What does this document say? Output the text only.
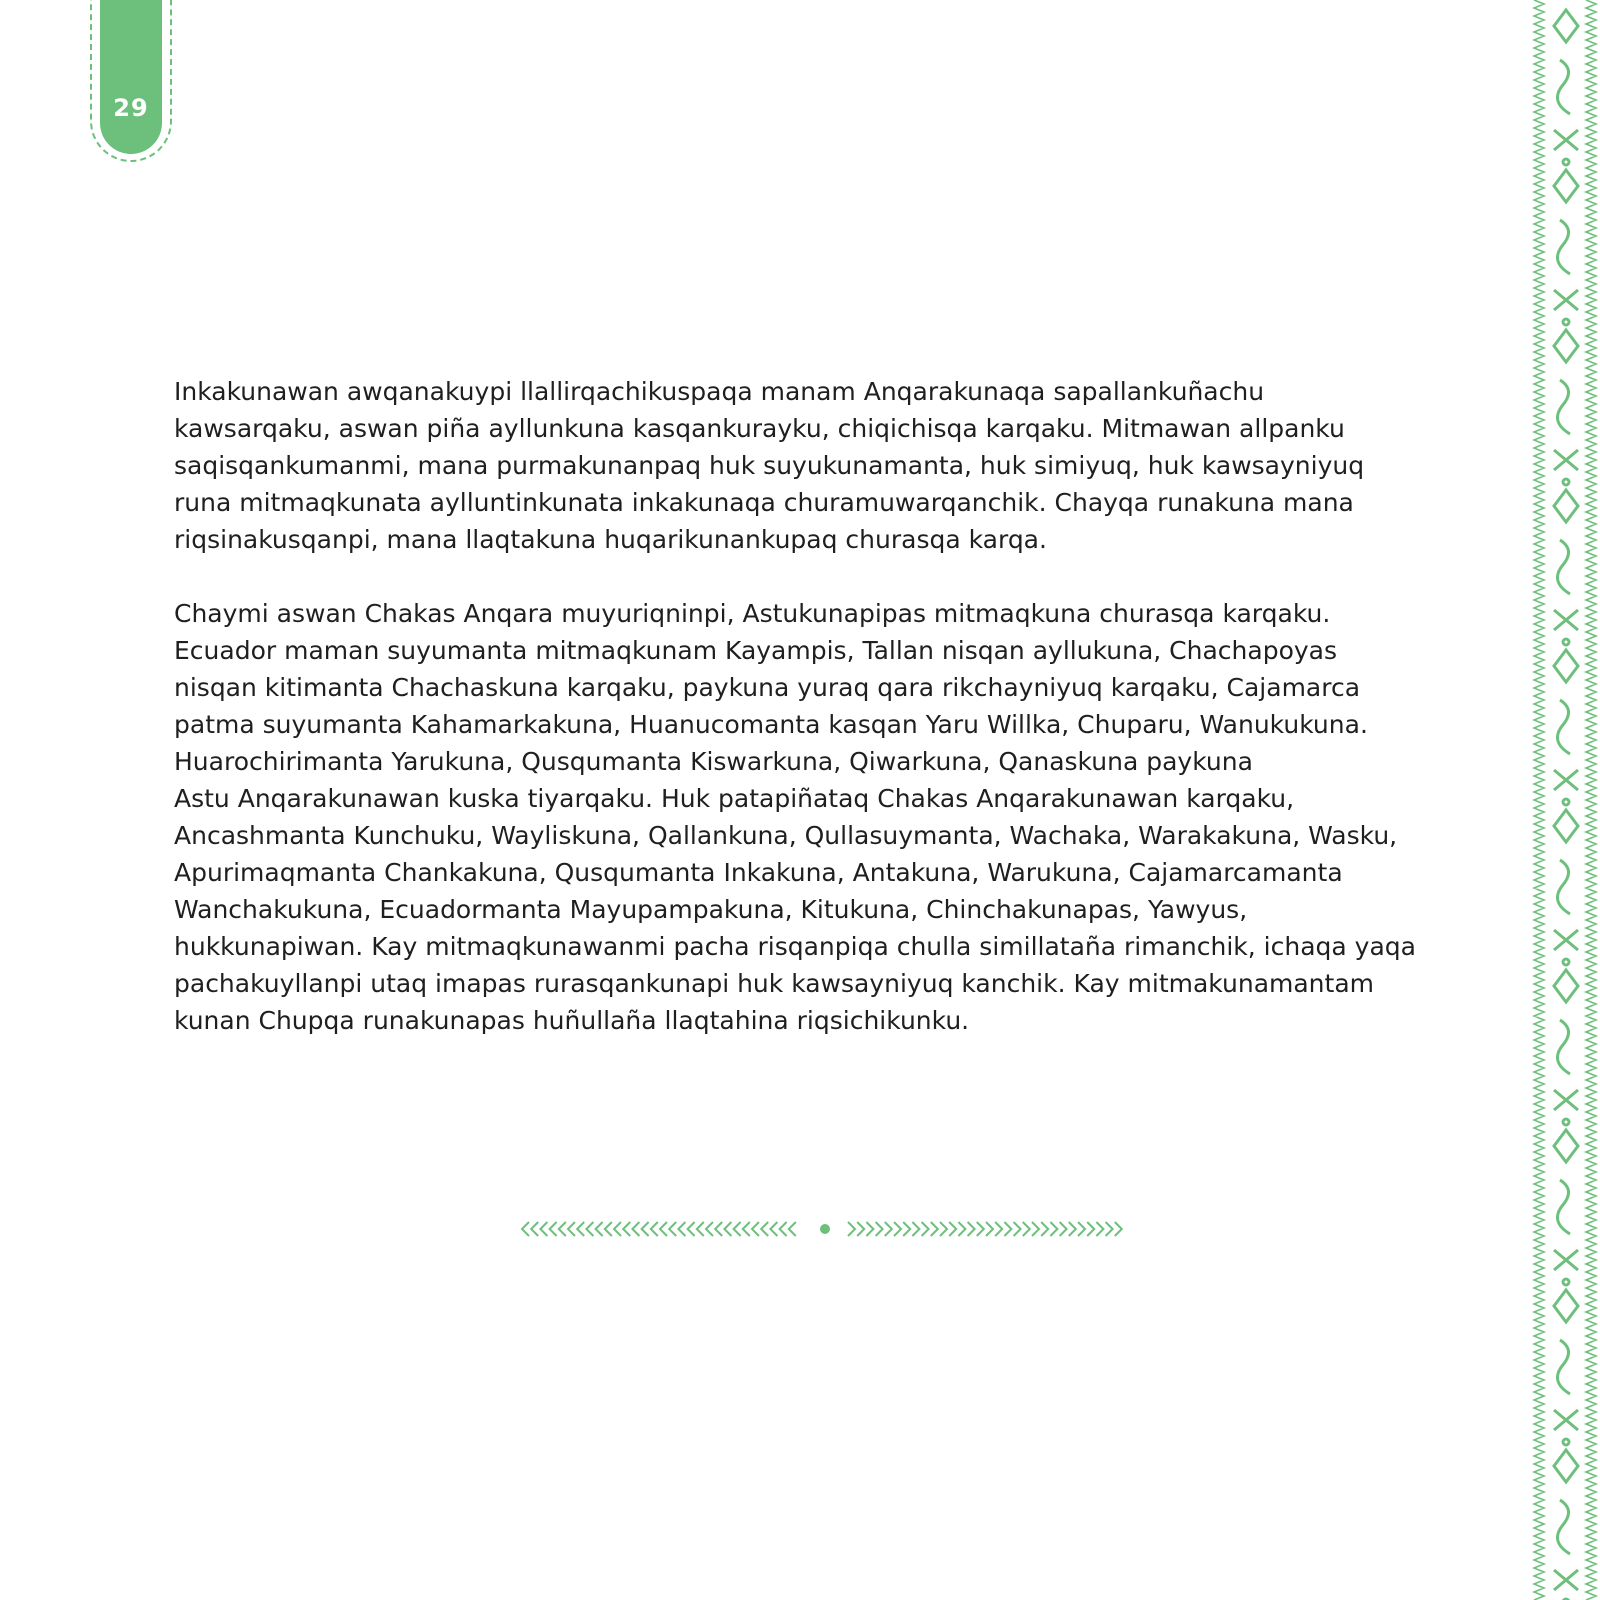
29

Inkakunawan awqanakuypi llallirqachikuspaqa manam Anqarakunaqa sapallankuñachu
kawsarqaku, aswan piña ayllunkuna kasqankurayku, chiqichisqa karqaku. Mitmawan allpanku
saqisqankumanmi, mana purmakunanpaq huk suyukunamanta, huk simiyuq, huk kawsayniyuq
runa mitmaqkunata aylluntinkunata inkakunaqa churamuwarqanchik. Chayqa runakuna mana
riqsinakusqanpi, mana llaqtakuna huqarikunankupaq churasqa karqa.

Chaymi aswan Chakas Anqara muyuriqninpi, Astukunapipas mitmaqkuna churasqa karqaku.
Ecuador maman suyumanta mitmaqkunam Kayampis, Tallan nisqan ayllukuna, Chachapoyas
nisqan kitimanta Chachaskuna karqaku, paykuna yuraq qara rikchayniyuq karqaku, Cajamarca
patma suyumanta Kahamarkakuna, Huanucomanta kasqan Yaru Willka, Chuparu, Wanukukuna.
Huarochirimanta Yarukuna, Qusqumanta Kiswarkuna, Qiwarkuna, Qanaskuna paykuna
Astu Anqarakunawan kuska tiyarqaku. Huk patapiñataq Chakas Anqarakunawan karqaku,
Ancashmanta Kunchuku, Wayliskuna, Qallankuna, Qullasuymanta, Wachaka, Warakakuna, Wasku,
Apurimaqmanta Chankakuna, Qusqumanta Inkakuna, Antakuna, Warukuna, Cajamarcamanta
Wanchakukuna, Ecuadormanta Mayupampakuna, Kitukuna, Chinchakunapas, Yawyus,
hukkunapiwan. Kay mitmaqkunawanmi pacha risqanpiqa chulla simillataña rimanchik, ichaqa yaqa
pachakuyllanpi utaq imapas rurasqankunapi huk kawsayniyuq kanchik. Kay mitmakunamantam
kunan Chupqa runakunapas huñullaña llaqtahina riqsichikunku.
